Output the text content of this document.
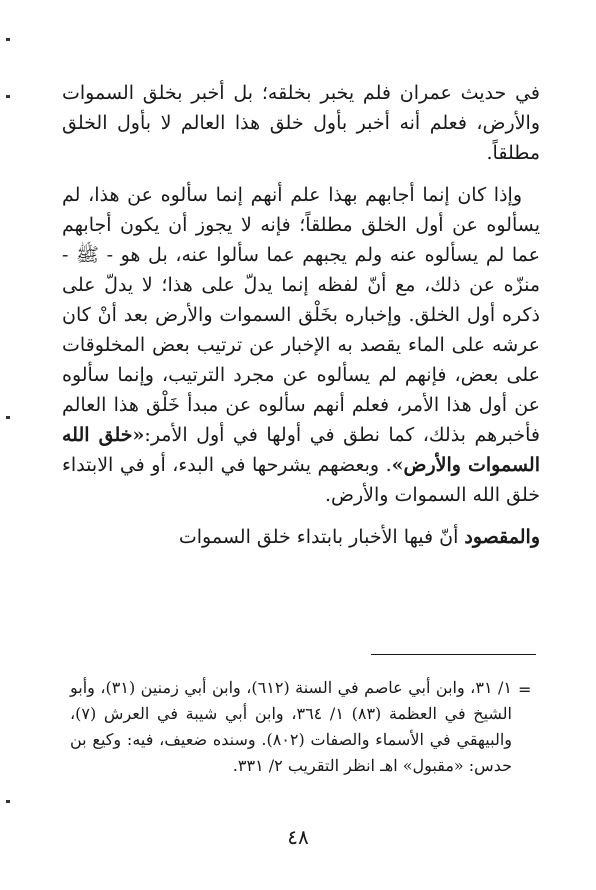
في حديث عمران فلم يخبر بخلقه؛ بل أخبر بخلق السموات والأرض، فعلم أنه أخبر بأول خلق هذا العالم لا بأول الخلق مطلقاً.

وإذا كان إنما أجابهم بهذا علم أنهم إنما سألوه عن هذا، لم يسألوه عن أول الخلق مطلقاً؛ فإنه لا يجوز أن يكون أجابهم عما لم يسألوه عنه ولم يجبهم عما سألوا عنه، بل هو - ﷺ - منزّه عن ذلك، مع أنّ لفظه إنما يدلّ على هذا؛ لا يدلّ على ذكره أول الخلق. وإخباره بخَلْق السموات والأرض بعد أنْ كان عرشه على الماء يقصد به الإخبار عن ترتيب بعض المخلوقات على بعض، فإنهم لم يسألوه عن مجرد الترتيب، وإنما سألوه عن أول هذا الأمر، فعلم أنهم سألوه عن مبدأ خَلْق هذا العالم فأخبرهم بذلك، كما نطق في أولها في أول الأمر:«خلق الله السموات والأرض». وبعضهم يشرحها في البدء، أو في الابتداء خلق الله السموات والأرض.

والمقصود أنّ فيها الأخبار بابتداء خلق السموات

=
١/ ٣١، وابن أبي عاصم في السنة (٦١٢)، وابن أبي زمنين (٣١)، وأبو الشيخ في العظمة (٨٣) ١/ ٣٦٤، وابن أبي شيبة في العرش (٧)، والبيهقي في الأسماء والصفات (٨٠٢). وسنده ضعيف، فيه: وكيع بن حدس: «مقبول» اهـ انظر التقريب ٢/ ٣٣١.
٤٨
